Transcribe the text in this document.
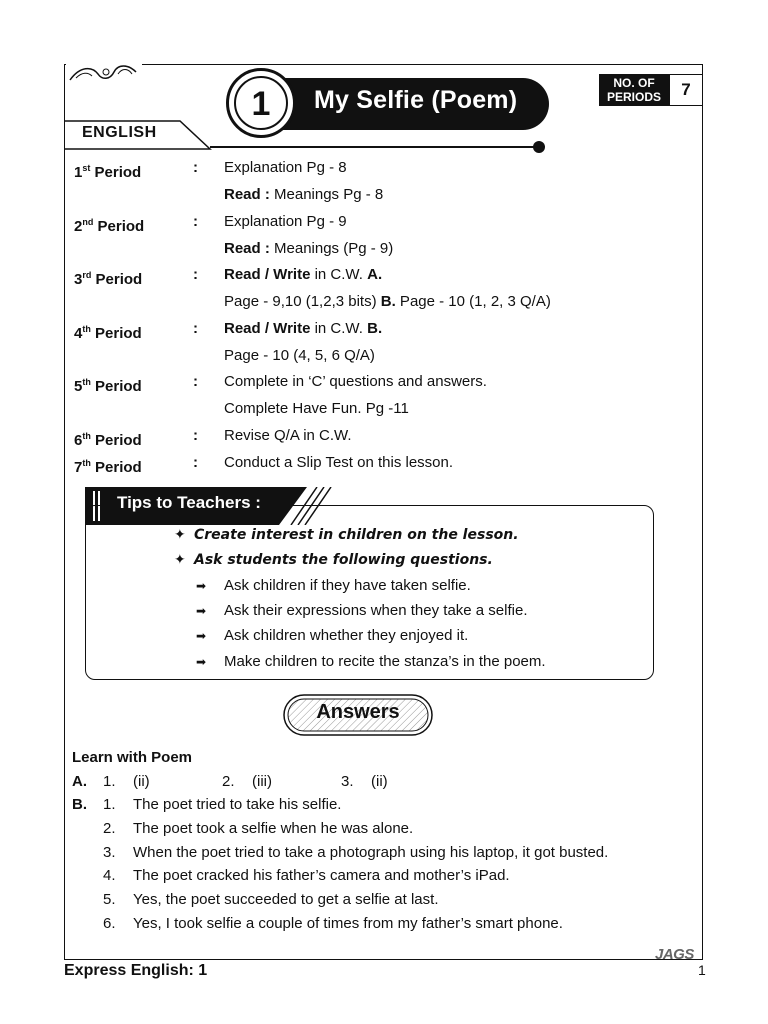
My Selfie (Poem)
1
NO. OF
PERIODS	7
ENGLISH
1st Period	: Explanation Pg - 8
Read : Meanings Pg - 8
2nd Period	: Explanation Pg - 9
Read : Meanings (Pg - 9)
3rd Period	: Read / Write in C.W. A.
Page - 9,10 (1,2,3 bits) B. Page - 10 (1, 2, 3 Q/A)
4th Period	: Read / Write in C.W. B.
Page - 10 (4, 5, 6 Q/A)
5th Period	: Complete in ‘C’ questions and answers.
Complete Have Fun. Pg -11
6th Period	: Revise Q/A in C.W.
7th Period	: Conduct a Slip Test on this lesson.
Tips to Teachers :
✦ Create interest in children on the lesson.
✦ Ask students the following questions.
➡ Ask children if they have taken selfie.
➡ Ask their expressions when they take a selfie.
➡ Ask children whether they enjoyed it.
➡ Make children to recite the stanza’s in the poem.
Answers
Learn with Poem
A. 1. (ii)	2. (iii)	3. (ii)
B. 1. The poet tried to take his selfie.
2. The poet took a selfie when he was alone.
3. When the poet tried to take a photograph using his laptop, it got busted.
4. The poet cracked his father’s camera and mother’s iPad.
5. Yes, the poet succeeded to get a selfie at last.
6. Yes, I took selfie a couple of times from my father’s smart phone.
Express English: 1
JAGS
1
